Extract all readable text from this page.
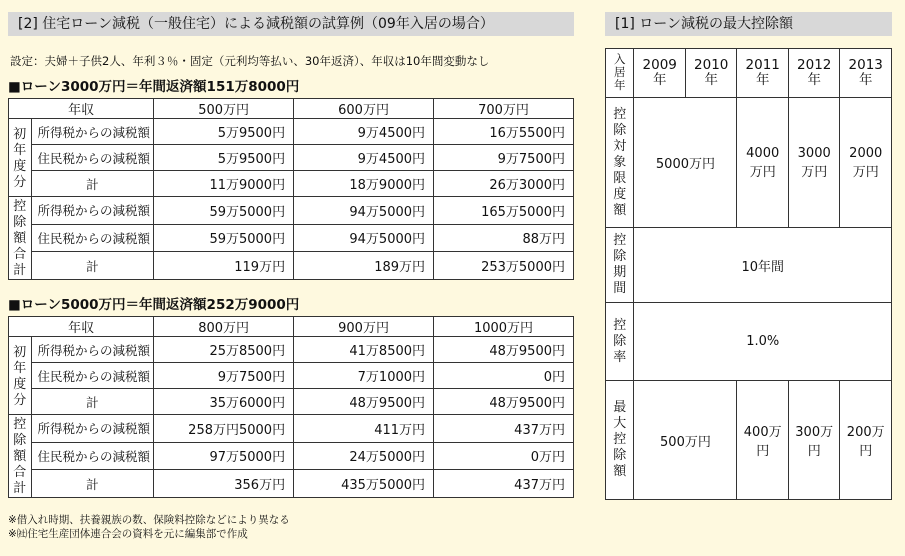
[2] 住宅ローン減税（一般住宅）による減税額の試算例（09年入居の場合）	[1] ローン減税の最大控除額
設定：夫婦＋子供2人、年利３％・固定（元利均等払い、30年返済）、年収は10年間変動なし
■ローン3000万円＝年間返済額151万8000円
年収		500万円	600万円	700万円
初年度分	所得税からの減税額	5万9500円	9万4500円	16万5500円
	住民税からの減税額	5万9500円	9万4500円	9万7500円
	計	11万9000円	18万9000円	26万3000円
控除額合計	所得税からの減税額	59万5000円	94万5000円	165万5000円
	住民税からの減税額	59万5000円	94万5000円	88万円
	計	119万円	189万円	253万5000円
■ローン5000万円＝年間返済額252万9000円
年収		800万円	900万円	1000万円
初年度分	所得税からの減税額	25万8500円	41万8500円	48万9500円
	住民税からの減税額	9万7500円	7万1000円	0円
	計	35万6000円	48万9500円	48万9500円
控除額合計	所得税からの減税額	258万円5000円	411万円	437万円
	住民税からの減税額	97万5000円	24万5000円	0万円
	計	356万円	435万5000円	437万円
入居年	2009年	2010年	2011年	2012年	2013年
控除対象限度額	5000万円		4000万円	3000万円	2000万円
控除期間	10年間				
控除率	1.0%				
最大控除額	500万円		400万円	300万円	200万円
※借入れ時期、扶養親族の数、保険料控除などにより異なる
※㈳住宅生産団体連合会の資料を元に編集部で作成
